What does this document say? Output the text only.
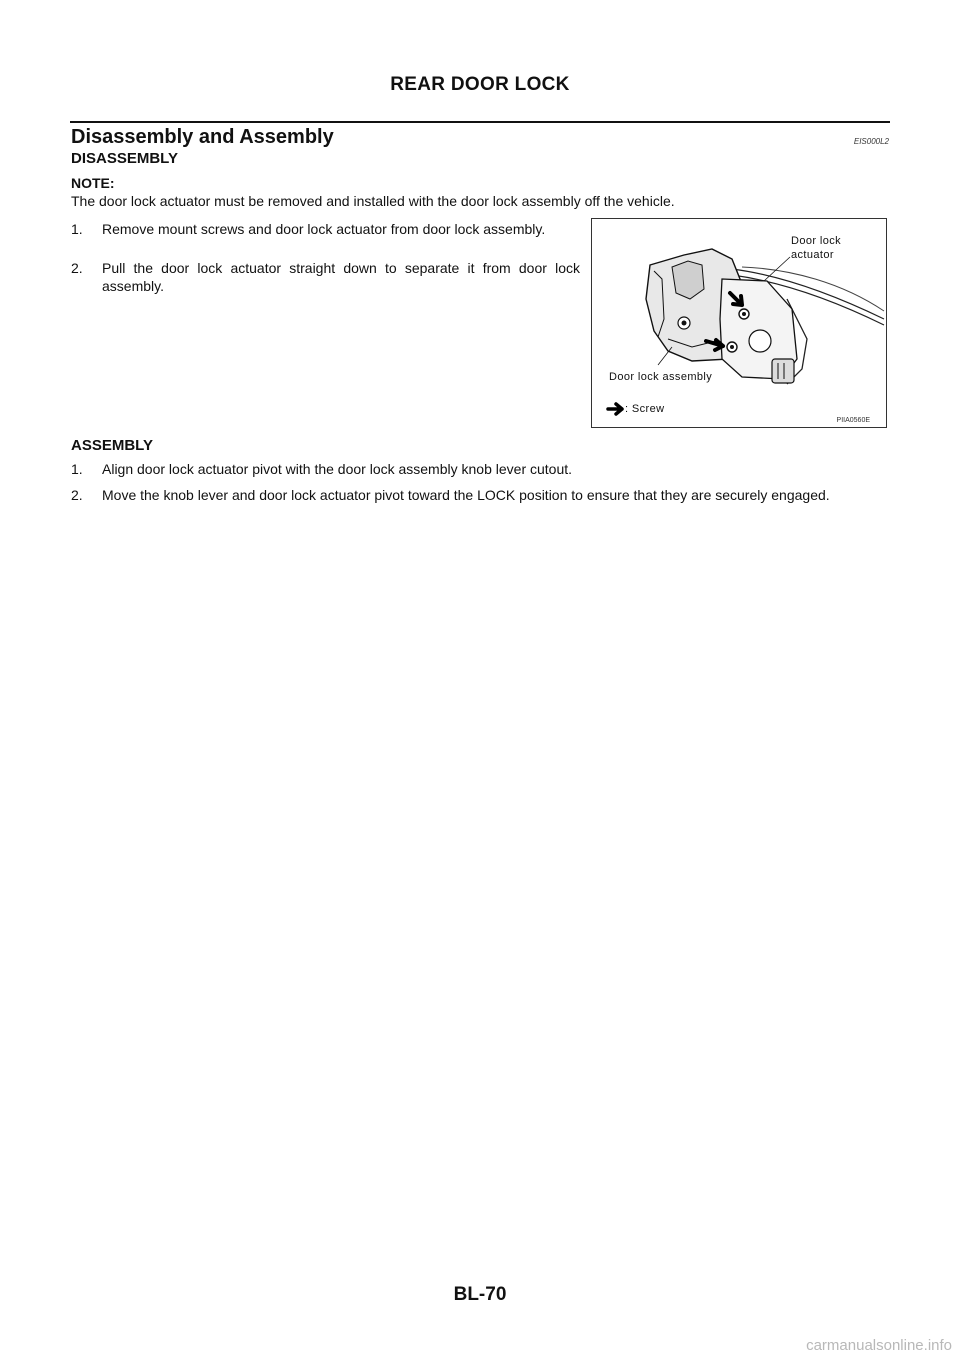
REAR DOOR LOCK
Disassembly and Assembly	EIS000L2
DISASSEMBLY
NOTE:
The door lock actuator must be removed and installed with the door lock assembly off the vehicle.
1.	Remove mount screws and door lock actuator from door lock assembly.
2.	Pull the door lock actuator straight down to separate it from door lock assembly.
Door lock
actuator
Door lock assembly
: Screw
PIIA0560E
ASSEMBLY
1.	Align door lock actuator pivot with the door lock assembly knob lever cutout.
2.	Move the knob lever and door lock actuator pivot toward the LOCK position to ensure that they are securely engaged.
BL-70
carmanualsonline.info
